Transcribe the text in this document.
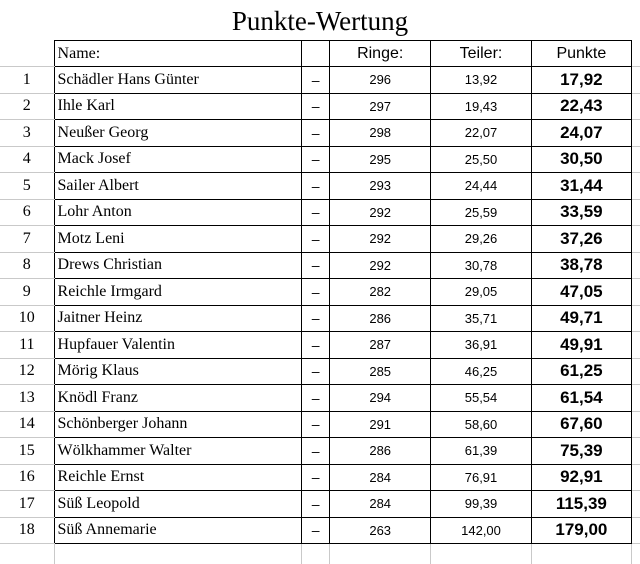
Punkte-Wertung
	Name:		Ringe:	Teiler:	Punkte	
1	Schädler Hans Günter	–	296	13,92	17,92	
2	Ihle Karl	–	297	19,43	22,43	
3	Neußer Georg	–	298	22,07	24,07	
4	Mack Josef	–	295	25,50	30,50	
5	Sailer Albert	–	293	24,44	31,44	
6	Lohr Anton	–	292	25,59	33,59	
7	Motz Leni	–	292	29,26	37,26	
8	Drews Christian	–	292	30,78	38,78	
9	Reichle Irmgard	–	282	29,05	47,05	
10	Jaitner Heinz	–	286	35,71	49,71	
11	Hupfauer Valentin	–	287	36,91	49,91	
12	Mörig Klaus	–	285	46,25	61,25	
13	Knödl Franz	–	294	55,54	61,54	
14	Schönberger Johann	–	291	58,60	67,60	
15	Wölkhammer Walter	–	286	61,39	75,39	
16	Reichle Ernst	–	284	76,91	92,91	
17	Süß Leopold	–	284	99,39	115,39	
18	Süß Annemarie	–	263	142,00	179,00	
